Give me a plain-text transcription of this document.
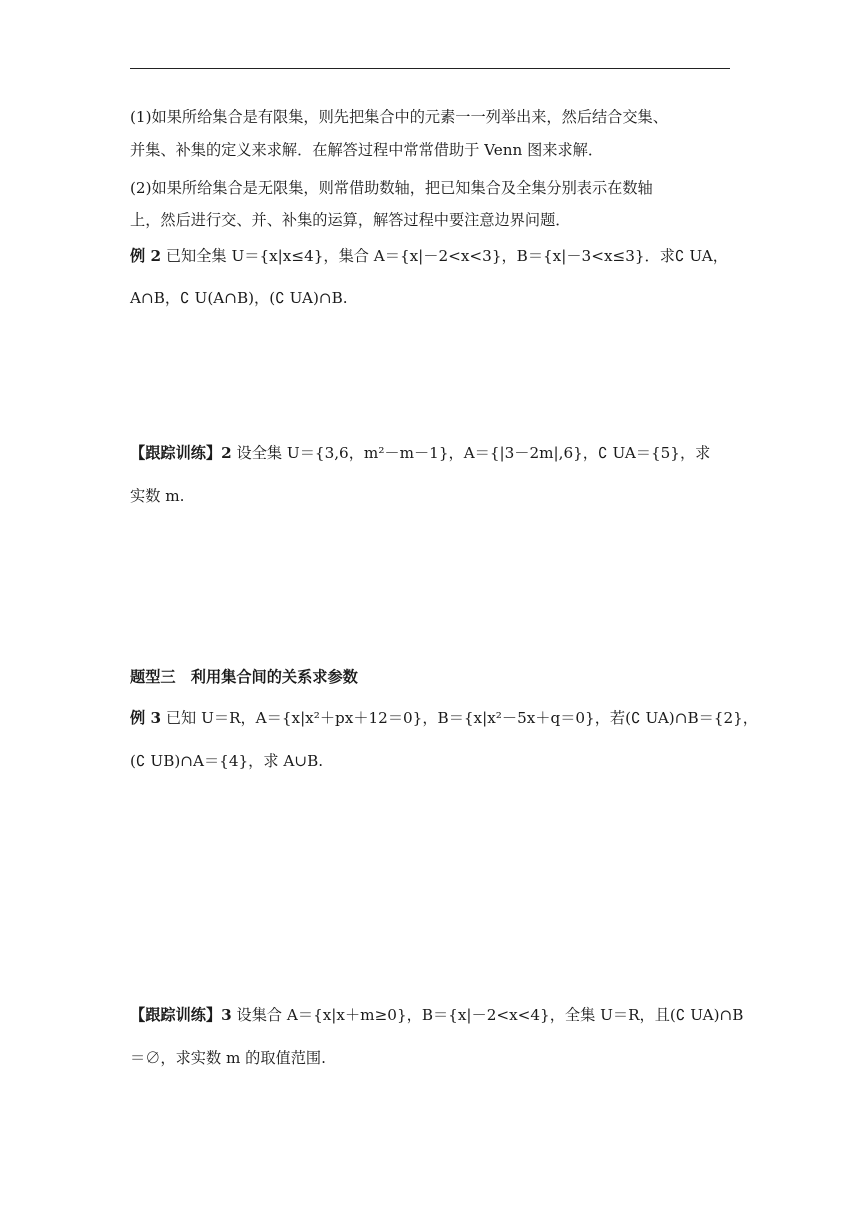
(1)如果所给集合是有限集，则先把集合中的元素一一列举出来，然后结合交集、
并集、补集的定义来求解．在解答过程中常常借助于 Venn 图来求解．
(2)如果所给集合是无限集，则常借助数轴，把已知集合及全集分别表示在数轴
上，然后进行交、并、补集的运算，解答过程中要注意边界问题．
例 2 已知全集 U＝{x|x≤4}，集合 A＝{x|－2<x<3}，B＝{x|－3<x≤3}．求∁ UA，
A∩B，∁ U(A∩B)，(∁ UA)∩B.
【跟踪训练】2 设全集 U＝{3,6，m²－m－1}，A＝{|3－2m|,6}，∁ UA＝{5}，求
实数 m.
题型三　利用集合间的关系求参数
例 3 已知 U＝R，A＝{x|x²＋px＋12＝0}，B＝{x|x²－5x＋q＝0}，若(∁ UA)∩B＝{2}，
(∁ UB)∩A＝{4}，求 A∪B.
【跟踪训练】3 设集合 A＝{x|x＋m≥0}，B＝{x|－2<x<4}，全集 U＝R，且(∁ UA)∩B
＝∅，求实数 m 的取值范围.
